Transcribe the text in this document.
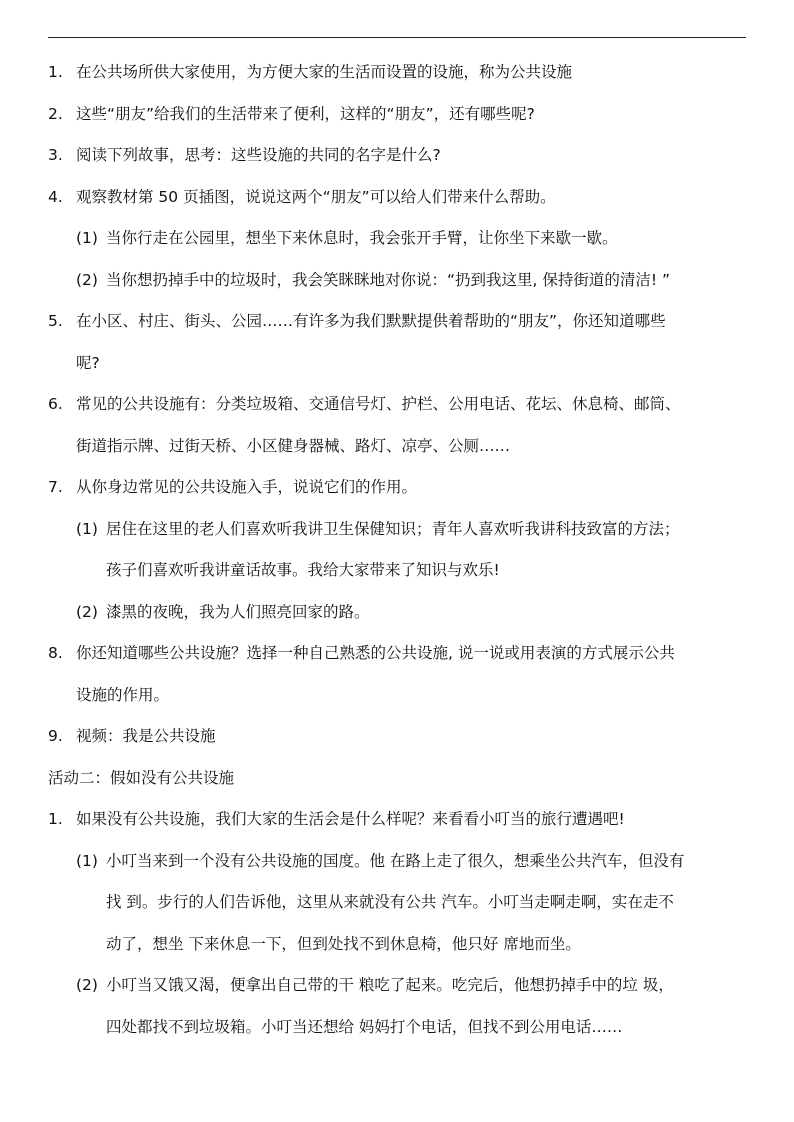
1. 在公共场所供大家使用，为方便大家的生活而设置的设施，称为公共设施
2. 这些“朋友”给我们的生活带来了便利，这样的“朋友”，还有哪些呢?
3. 阅读下列故事，思考：这些设施的共同的名字是什么?
4. 观察教材第 50 页插图，说说这两个“朋友”可以给人们带来什么帮助。
(1) 当你行走在公园里，想坐下来休息时，我会张开手臂，让你坐下来歇一歇。
(2) 当你想扔掉手中的垃圾时，我会笑眯眯地对你说：“扔到我这里, 保持街道的清洁! ”
5. 在小区、村庄、街头、公园……有许多为我们默默提供着帮助的“朋友”，你还知道哪些
呢?
6. 常见的公共设施有：分类垃圾箱、交通信号灯、护栏、公用电话、花坛、休息椅、邮筒、
街道指示牌、过街天桥、小区健身器械、路灯、凉亭、公厕……
7. 从你身边常见的公共设施入手，说说它们的作用。
(1) 居住在这里的老人们喜欢听我讲卫生保健知识；青年人喜欢听我讲科技致富的方法；
孩子们喜欢听我讲童话故事。我给大家带来了知识与欢乐!
(2) 漆黑的夜晚，我为人们照亮回家的路。
8. 你还知道哪些公共设施？选择一种自己熟悉的公共设施, 说一说或用表演的方式展示公共
设施的作用。
9. 视频：我是公共设施
活动二：假如没有公共设施
1. 如果没有公共设施，我们大家的生活会是什么样呢？来看看小叮当的旅行遭遇吧!
(1) 小叮当来到一个没有公共设施的国度。他 在路上走了很久，想乘坐公共汽车，但没有
找 到。步行的人们告诉他，这里从来就没有公共 汽车。小叮当走啊走啊，实在走不
动了，想坐 下来休息一下，但到处找不到休息椅，他只好 席地而坐。
(2) 小叮当又饿又渴，便拿出自己带的干 粮吃了起来。吃完后，他想扔掉手中的垃 圾，
四处都找不到垃圾箱。小叮当还想给 妈妈打个电话，但找不到公用电话……
